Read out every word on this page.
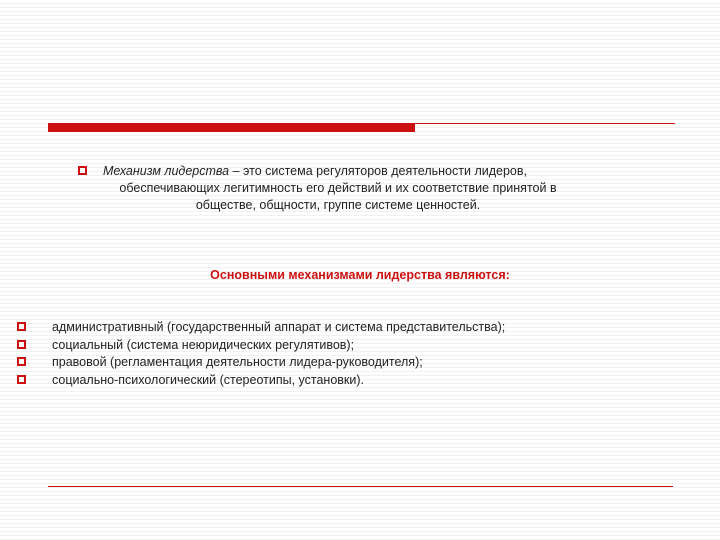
Механизм лидерства – это система регуляторов деятельности лидеров,
обеспечивающих легитимность его действий и их соответствие принятой в
обществе, общности, группе системе ценностей.
Основными механизмами лидерства являются:
административный (государственный аппарат и система представительства);
социальный (система неюридических регулятивов);
правовой (регламентация деятельности лидера-руководителя);
социально-психологический (стереотипы, установки).
